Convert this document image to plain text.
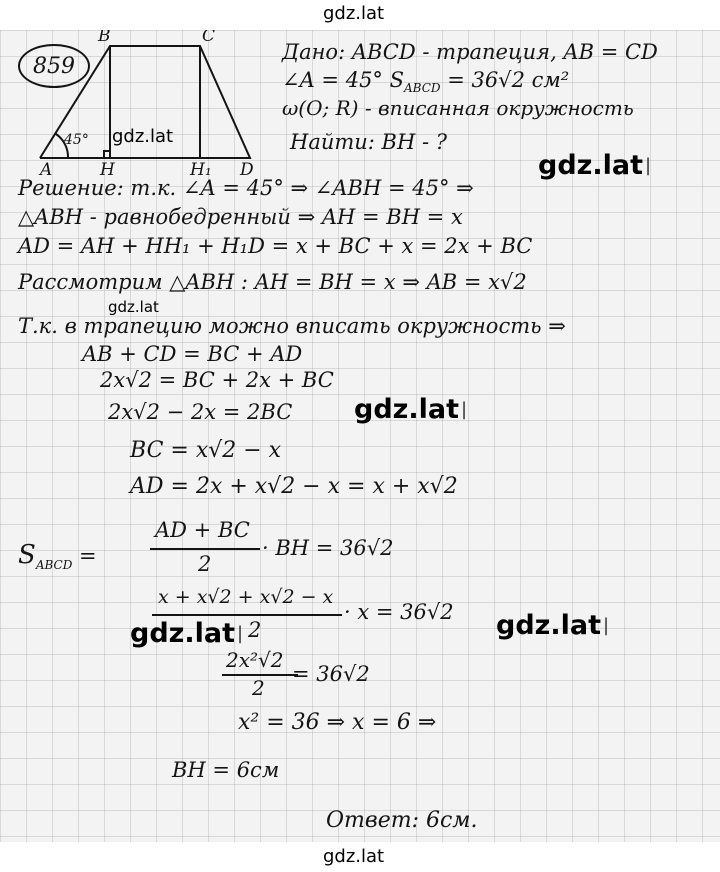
gdz.lat
859
B	C
A	H	H₁ D
45° gdz.lat
Дано: ABCD - трапеция, AB = CD
∠A = 45° $S_{ABCD} = 36√2$ см²
ω(O; R) - вписанная окружность
Найти: BH - ?
gdz.lat |
Решение: т.к. ∠A = 45° ⇒ ∠ABH = 45° ⇒
△ABH - равнобедренный ⇒ AH = BH = x
AD = AH + HH₁ + H₁D = x + BC + x = 2x + BC
Рассмотрим △ABH : AH = BH = x ⇒ AB = x√2
gdz.lat
Т.к. в трапецию можно вписать окружность ⇒
AB + CD = BC + AD
2x√2 = BC + 2x + BC
2x√2 − 2x = 2BC gdz.lat |
BC = x√2 − x
AD = 2x + x√2 − x = x + x√2
$S_{ABCD}$ =
AD + BC
2
· BH = 36√2
x + x√2 + x√2 − x
2
· x = 36√2
gdz.lat |	gdz.lat |
2x²√2
2
= 36√2
x² = 36 ⇒ x = 6 ⇒
BH = 6см
Ответ: 6см.
gdz.lat
